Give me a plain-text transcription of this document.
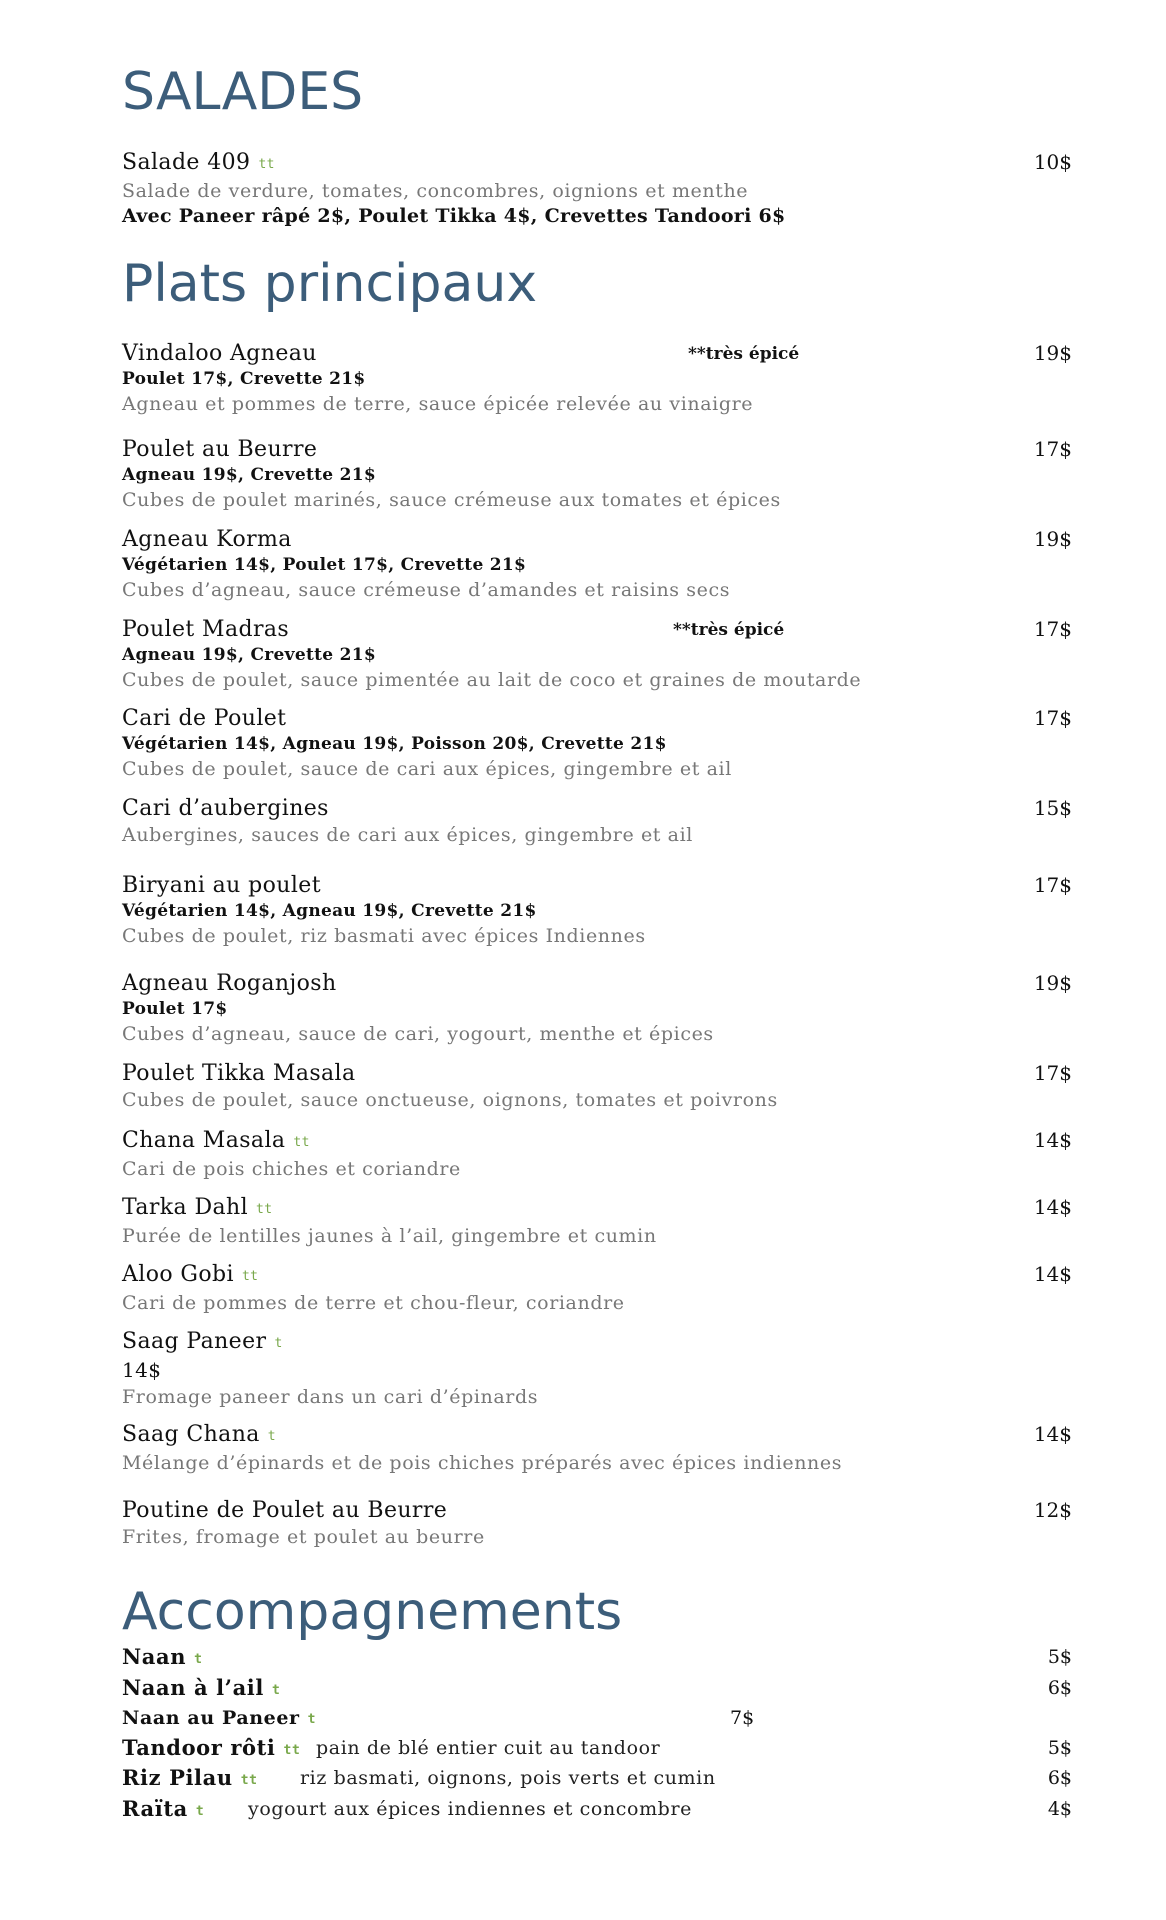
SALADES
Salade 409 tt	10$
Salade de verdure, tomates, concombres, oignions et menthe
Avec Paneer râpé 2$, Poulet Tikka 4$, Crevettes Tandoori 6$
Plats principaux
Vindaloo Agneau	**très épicé	19$
Poulet 17$, Crevette 21$
Agneau et pommes de terre, sauce épicée relevée au vinaigre
Poulet au Beurre	17$
Agneau 19$, Crevette 21$
Cubes de poulet marinés, sauce crémeuse aux tomates et épices
Agneau Korma	19$
Végétarien 14$, Poulet 17$, Crevette 21$
Cubes d’agneau, sauce crémeuse d’amandes et raisins secs
Poulet Madras	**très épicé	17$
Agneau 19$, Crevette 21$
Cubes de poulet, sauce pimentée au lait de coco et graines de moutarde
Cari de Poulet	17$
Végétarien 14$, Agneau 19$, Poisson 20$, Crevette 21$
Cubes de poulet, sauce de cari aux épices, gingembre et ail
Cari d’aubergines	15$
Aubergines, sauces de cari aux épices, gingembre et ail
Biryani au poulet	17$
Végétarien 14$, Agneau 19$, Crevette 21$
Cubes de poulet, riz basmati avec épices Indiennes
Agneau Roganjosh	19$
Poulet 17$
Cubes d’agneau, sauce de cari, yogourt, menthe et épices
Poulet Tikka Masala	17$
Cubes de poulet, sauce onctueuse, oignons, tomates et poivrons
Chana Masala tt	14$
Cari de pois chiches et coriandre
Tarka Dahl tt	14$
Purée de lentilles jaunes à l’ail, gingembre et cumin
Aloo Gobi tt	14$
Cari de pommes de terre et chou-fleur, coriandre
Saag Paneer t
14$
Fromage paneer dans un cari d’épinards
Saag Chana t	14$
Mélange d’épinards et de pois chiches préparés avec épices indiennes
Poutine de Poulet au Beurre	12$
Frites, fromage et poulet au beurre
Accompagnements
Naan t	5$
Naan à l’ail t	6$
Naan au Paneer t	7$
Tandoor rôti tt pain de blé entier cuit au tandoor	5$
Riz Pilau tt riz basmati, oignons, pois verts et cumin	6$
Raïta t yogourt aux épices indiennes et concombre	4$
